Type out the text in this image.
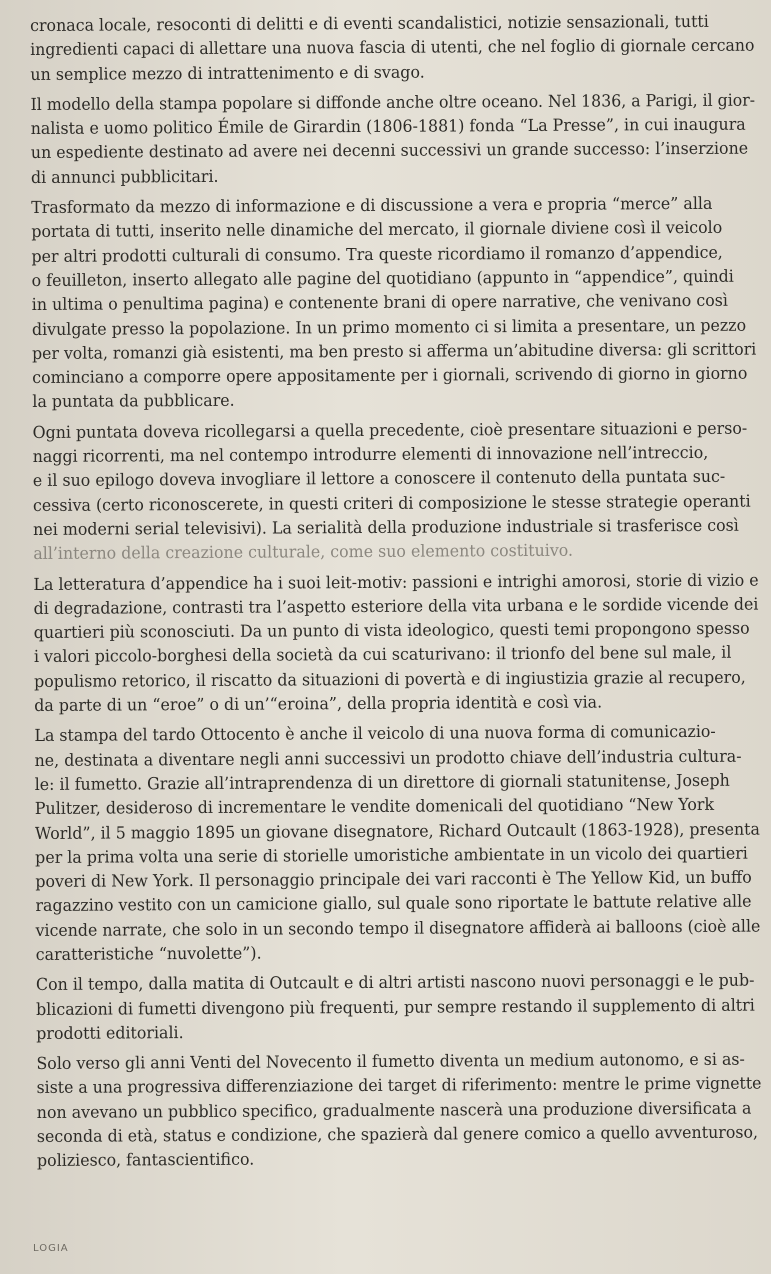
cronaca locale, resoconti di delitti e di eventi scandalistici, notizie sensazionali, tutti
ingredienti capaci di allettare una nuova fascia di utenti, che nel foglio di giornale cercano
un semplice mezzo di intrattenimento e di svago.

Il modello della stampa popolare si diffonde anche oltre oceano. Nel 1836, a Parigi, il gior-
nalista e uomo politico Émile de Girardin (1806-1881) fonda “La Presse”, in cui inaugura
un espediente destinato ad avere nei decenni successivi un grande successo: l’inserzione
di annunci pubblicitari.

Trasformato da mezzo di informazione e di discussione a vera e propria “merce” alla
portata di tutti, inserito nelle dinamiche del mercato, il giornale diviene così il veicolo
per altri prodotti culturali di consumo. Tra queste ricordiamo il romanzo d’appendice,
o feuilleton, inserto allegato alle pagine del quotidiano (appunto in “appendice”, quindi
in ultima o penultima pagina) e contenente brani di opere narrative, che venivano così
divulgate presso la popolazione. In un primo momento ci si limita a presentare, un pezzo
per volta, romanzi già esistenti, ma ben presto si afferma un’abitudine diversa: gli scrittori
cominciano a comporre opere appositamente per i giornali, scrivendo di giorno in giorno
la puntata da pubblicare.

Ogni puntata doveva ricollegarsi a quella precedente, cioè presentare situazioni e perso-
naggi ricorrenti, ma nel contempo introdurre elementi di innovazione nell’intreccio,
e il suo epilogo doveva invogliare il lettore a conoscere il contenuto della puntata suc-
cessiva (certo riconoscerete, in questi criteri di composizione le stesse strategie operanti
nei moderni serial televisivi). La serialità della produzione industriale si trasferisce così
all’interno della creazione culturale, come suo elemento costituivo.

La letteratura d’appendice ha i suoi leit-motiv: passioni e intrighi amorosi, storie di vizio e
di degradazione, contrasti tra l’aspetto esteriore della vita urbana e le sordide vicende dei
quartieri più sconosciuti. Da un punto di vista ideologico, questi temi propongono spesso
i valori piccolo-borghesi della società da cui scaturivano: il trionfo del bene sul male, il
populismo retorico, il riscatto da situazioni di povertà e di ingiustizia grazie al recupero,
da parte di un “eroe” o di un’“eroina”, della propria identità e così via.

La stampa del tardo Ottocento è anche il veicolo di una nuova forma di comunicazio-
ne, destinata a diventare negli anni successivi un prodotto chiave dell’industria cultura-
le: il fumetto. Grazie all’intraprendenza di un direttore di giornali statunitense, Joseph
Pulitzer, desideroso di incrementare le vendite domenicali del quotidiano “New York
World”, il 5 maggio 1895 un giovane disegnatore, Richard Outcault (1863-1928), presenta
per la prima volta una serie di storielle umoristiche ambientate in un vicolo dei quartieri
poveri di New York. Il personaggio principale dei vari racconti è The Yellow Kid, un buffo
ragazzino vestito con un camicione giallo, sul quale sono riportate le battute relative alle
vicende narrate, che solo in un secondo tempo il disegnatore affiderà ai balloons (cioè alle
caratteristiche “nuvolette”).

Con il tempo, dalla matita di Outcault e di altri artisti nascono nuovi personaggi e le pub-
blicazioni di fumetti divengono più frequenti, pur sempre restando il supplemento di altri
prodotti editoriali.

Solo verso gli anni Venti del Novecento il fumetto diventa un medium autonomo, e si as-
siste a una progressiva differenziazione dei target di riferimento: mentre le prime vignette
non avevano un pubblico specifico, gradualmente nascerà una produzione diversificata a
seconda di età, status e condizione, che spazierà dal genere comico a quello avventuroso,
poliziesco, fantascientifico.

LOGIA
